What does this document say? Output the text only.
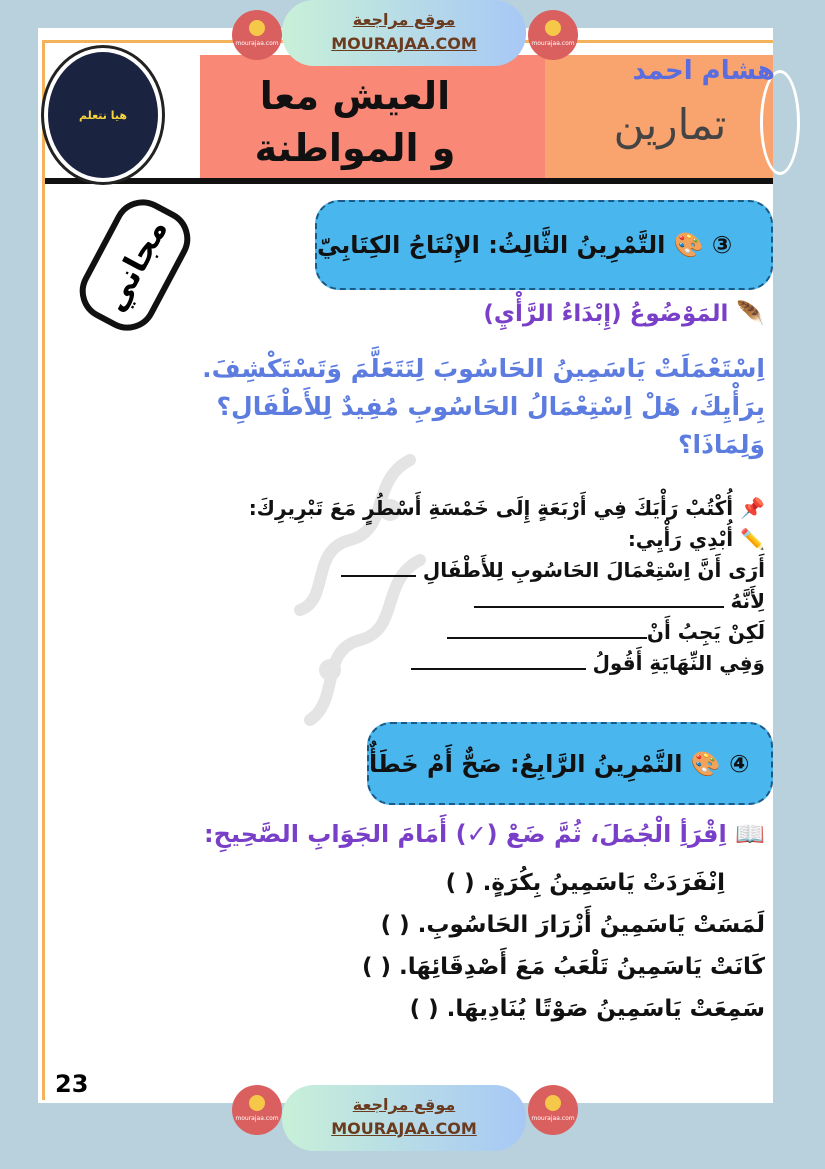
هيا نتعلم	العيش معا
و المواطنة
هشام احمد
تمارين
mourajaa.com	mourajaa.com
موقع مراجعة
MOURAJAA.COM
مجاني	③ 🎨 التَّمْرِينُ الثَّالِثُ: الإِنْتَاجُ الكِتَابِيّ
🪶 المَوْضُوعُ (إِبْدَاءُ الرَّأْيِ)
اِسْتَعْمَلَتْ يَاسَمِينُ الحَاسُوبَ لِتَتَعَلَّمَ وَتَسْتَكْشِفَ.
بِرَأْيِكَ، هَلْ اِسْتِعْمَالُ الحَاسُوبِ مُفِيدٌ لِلأَطْفَالِ؟
وَلِمَاذَا؟
📌 أُكْتُبْ رَأْيَكَ فِي أَرْبَعَةٍ إِلَى خَمْسَةِ أَسْطُرٍ مَعَ تَبْرِيرِكَ:
✏️ أُبْدِي رَأْيِي:
أَرَى أَنَّ اِسْتِعْمَالَ الحَاسُوبِ لِلأَطْفَالِ
لِأَنَّهُ
لَكِنْ يَجِبُ أَنْ
وَفِي النِّهَايَةِ أَقُولُ
④ 🎨 التَّمْرِينُ الرَّابِعُ: صَحٌّ أَمْ خَطَأٌ
📖 اِقْرَأِ الْجُمَلَ، ثُمَّ ضَعْ (✓) أَمَامَ الجَوَابِ الصَّحِيحِ:
اِنْفَرَدَتْ يَاسَمِينُ بِكُرَةٍ. ( )
لَمَسَتْ يَاسَمِينُ أَزْرَارَ الحَاسُوبِ. ( )
كَانَتْ يَاسَمِينُ تَلْعَبُ مَعَ أَصْدِقَائِهَا. ( )
سَمِعَتْ يَاسَمِينُ صَوْتًا يُنَادِيهَا. ( )
23
mourajaa.com	mourajaa.com
موقع مراجعة
MOURAJAA.COM
